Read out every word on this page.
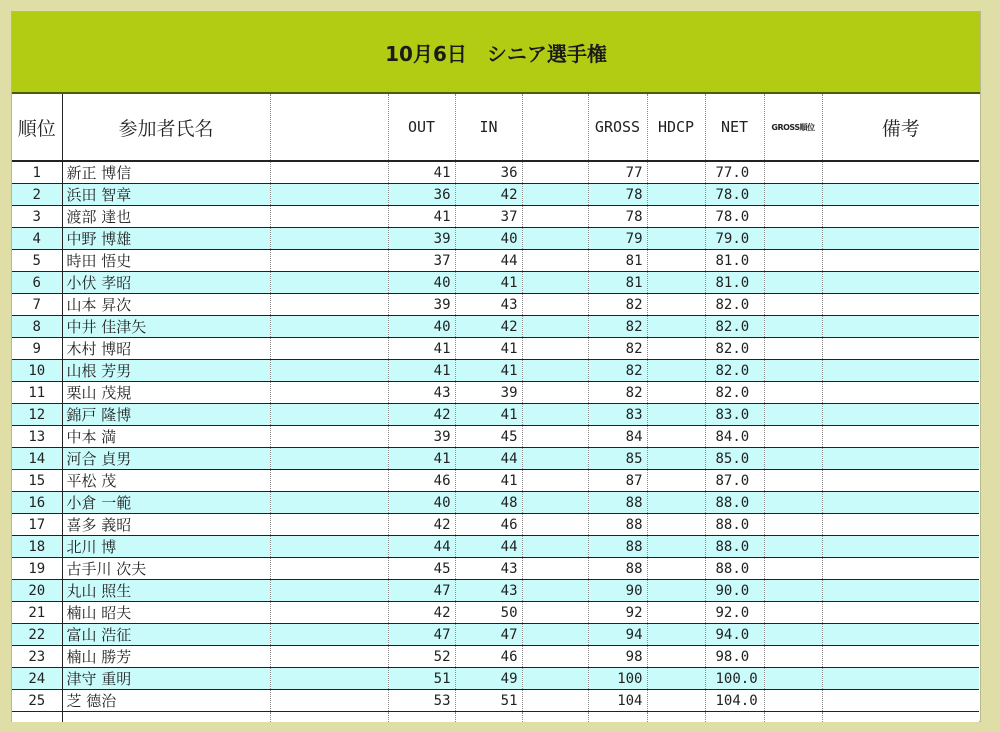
10月6日　シニア選手権
順位	参加者氏名		OUT	IN		GROSS	HDCP	NET	GROSS順位	備考
1	新正 博信		41	36		77		77.0		
2	浜田 智章		36	42		78		78.0		
3	渡部 達也		41	37		78		78.0		
4	中野 博雄		39	40		79		79.0		
5	時田 悟史		37	44		81		81.0		
6	小伏 孝昭		40	41		81		81.0		
7	山本 昇次		39	43		82		82.0		
8	中井 佳津矢		40	42		82		82.0		
9	木村 博昭		41	41		82		82.0		
10	山根 芳男		41	41		82		82.0		
11	栗山 茂規		43	39		82		82.0		
12	錦戸 隆博		42	41		83		83.0		
13	中本 満		39	45		84		84.0		
14	河合 貞男		41	44		85		85.0		
15	平松 茂		46	41		87		87.0		
16	小倉 一範		40	48		88		88.0		
17	喜多 義昭		42	46		88		88.0		
18	北川 博		44	44		88		88.0		
19	古手川 次夫		45	43		88		88.0		
20	丸山 照生		47	43		90		90.0		
21	楠山 昭夫		42	50		92		92.0		
22	富山 浩征		47	47		94		94.0		
23	楠山 勝芳		52	46		98		98.0		
24	津守 重明		51	49		100		100.0		
25	芝 德治		53	51		104		104.0		
